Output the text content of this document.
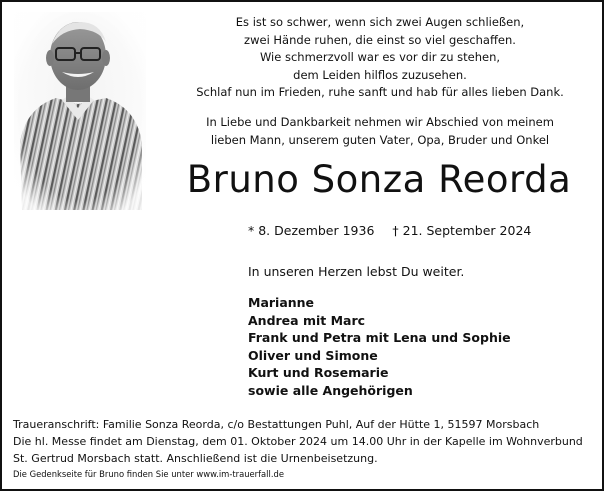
Es ist so schwer, wenn sich zwei Augen schließen,
zwei Hände ruhen, die einst so viel geschaffen.
Wie schmerzvoll war es vor dir zu stehen,
dem Leiden hilflos zuzusehen.
Schlaf nun im Frieden, ruhe sanft und hab für alles lieben Dank.
In Liebe und Dankbarkeit nehmen wir Abschied von meinem
lieben Mann, unserem guten Vater, Opa, Bruder und Onkel
Bruno Sonza Reorda

* 8. Dezember 1936 † 21. September 2024

In unseren Herzen lebst Du weiter.

Marianne
Andrea mit Marc
Frank und Petra mit Lena und Sophie
Oliver und Simone
Kurt und Rosemarie
sowie alle Angehörigen
Traueranschrift: Familie Sonza Reorda, c/o Bestattungen Puhl, Auf der Hütte 1, 51597 Morsbach
Die hl. Messe findet am Dienstag, dem 01. Oktober 2024 um 14.00 Uhr in der Kapelle im Wohnverbund
St. Gertrud Morsbach statt. Anschließend ist die Urnenbeisetzung.
Die Gedenkseite für Bruno finden Sie unter www.im-trauerfall.de
